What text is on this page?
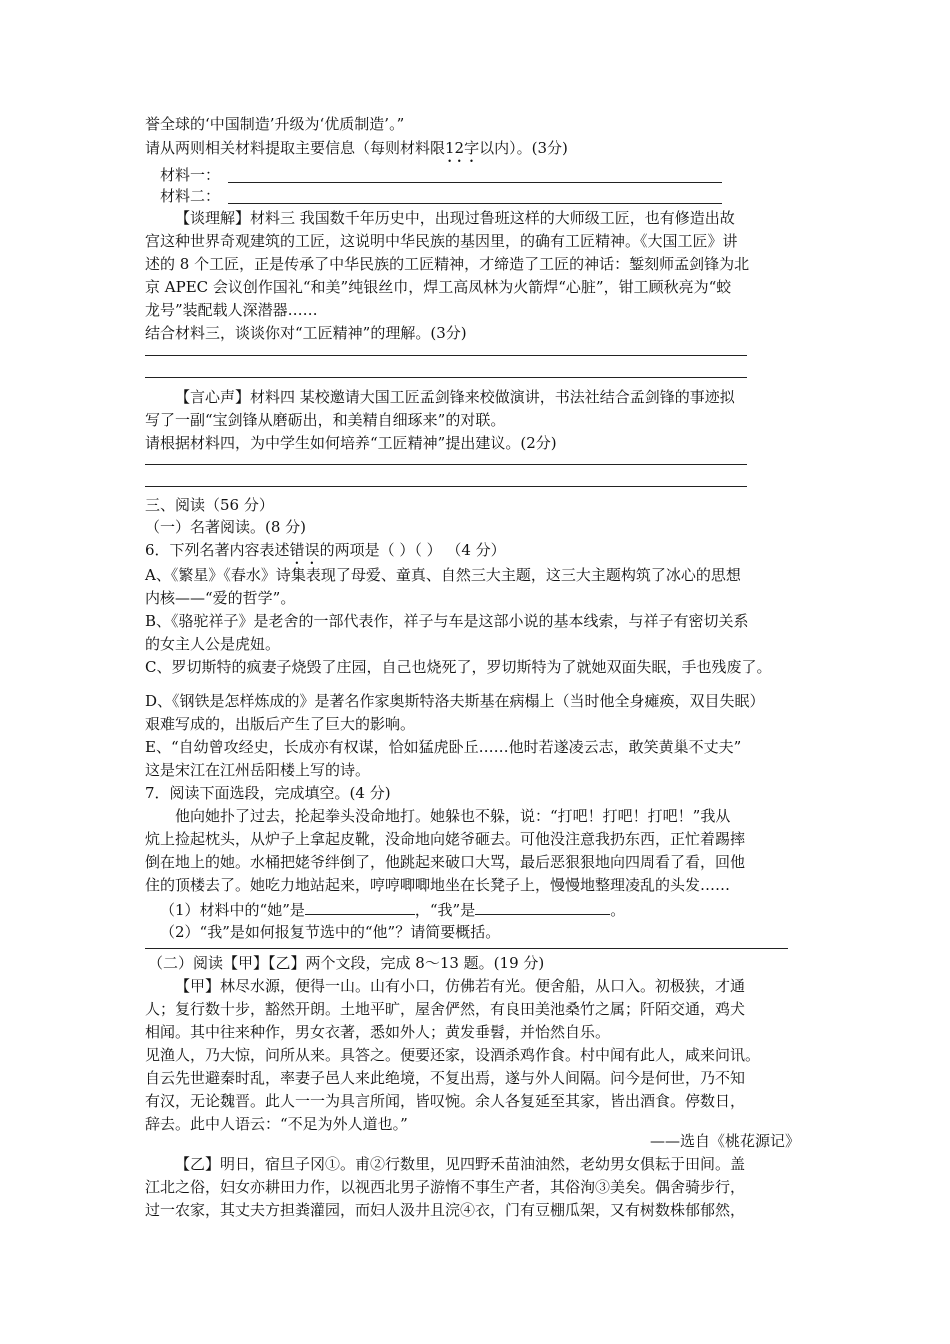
誉全球的‘中国制造’升级为‘优质制造’。”
请从两则相关材料提取主要信息（每则材料限12字以内）。(3分)
材料一：
材料二：
【谈理解】材料三 我国数千年历史中，出现过鲁班这样的大师级工匠，也有修造出故
宫这种世界奇观建筑的工匠，这说明中华民族的基因里，的确有工匠精神。《大国工匠》讲
述的 8 个工匠，正是传承了中华民族的工匠精神，才缔造了工匠的神话：錾刻师孟剑锋为北
京 APEC 会议创作国礼“和美”纯银丝巾，焊工高凤林为火箭焊“心脏”，钳工顾秋亮为“蛟
龙号”装配载人深潜器……
结合材料三，谈谈你对“工匠精神”的理解。(3分)
【言心声】材料四 某校邀请大国工匠孟剑锋来校做演讲，书法社结合孟剑锋的事迹拟
写了一副“宝剑锋从磨砺出，和美精自细琢来”的对联。
请根据材料四，为中学生如何培养“工匠精神”提出建议。(2分)
三、阅读（56 分）
（一）名著阅读。(8 分)
6．下列名著内容表述错误的两项是（ ）（ ） （4 分）
A、《繁星》《春水》诗集表现了母爱、童真、自然三大主题，这三大主题构筑了冰心的思想
内核——“爱的哲学”。
B、《骆驼祥子》是老舍的一部代表作，祥子与车是这部小说的基本线索，与祥子有密切关系
的女主人公是虎妞。
C、罗切斯特的疯妻子烧毁了庄园，自己也烧死了，罗切斯特为了就她双面失眠，手也残废了。
D、《钢铁是怎样炼成的》是著名作家奥斯特洛夫斯基在病榻上（当时他全身瘫痪，双目失眠）
艰难写成的，出版后产生了巨大的影响。
E、“自幼曾攻经史，长成亦有权谋，恰如猛虎卧丘……他时若遂凌云志，敢笑黄巢不丈夫”
这是宋江在江州岳阳楼上写的诗。
7．阅读下面选段，完成填空。(4 分)
他向她扑了过去，抡起拳头没命地打。她躲也不躲，说：“打吧！打吧！打吧！”我从
炕上捡起枕头，从炉子上拿起皮靴，没命地向姥爷砸去。可他没注意我扔东西，正忙着踢摔
倒在地上的她。水桶把姥爷绊倒了，他跳起来破口大骂，最后恶狠狠地向四周看了看，回他
住的顶楼去了。她吃力地站起来，哼哼唧唧地坐在长凳子上，慢慢地整理凌乱的头发……
（1）材料中的“她”是	，“我”是	。
（2）“我”是如何报复节选中的“他”？请简要概括。
（二）阅读【甲】【乙】两个文段，完成 8～13 题。(19 分)
【甲】林尽水源，便得一山。山有小口，仿佛若有光。便舍船，从口入。初极狭，才通
人；复行数十步，豁然开朗。土地平旷，屋舍俨然，有良田美池桑竹之属；阡陌交通，鸡犬
相闻。其中往来种作，男女衣著，悉如外人；黄发垂髫，并怡然自乐。
见渔人，乃大惊，问所从来。具答之。便要还家，设酒杀鸡作食。村中闻有此人，咸来问讯。
自云先世避秦时乱，率妻子邑人来此绝境，不复出焉，遂与外人间隔。问今是何世，乃不知
有汉，无论魏晋。此人一一为具言所闻，皆叹惋。余人各复延至其家，皆出酒食。停数日，
辞去。此中人语云：“不足为外人道也。”
——选自《桃花源记》
【乙】明日，宿旦子冈①。甫②行数里，见四野禾苗油油然，老幼男女俱耘于田间。盖
江北之俗，妇女亦耕田力作，以视西北男子游惰不事生产者，其俗洵③美矣。偶舍骑步行，
过一农家，其丈夫方担粪灌园，而妇人汲井且浣④衣，门有豆棚瓜架，又有树数株郁郁然，
